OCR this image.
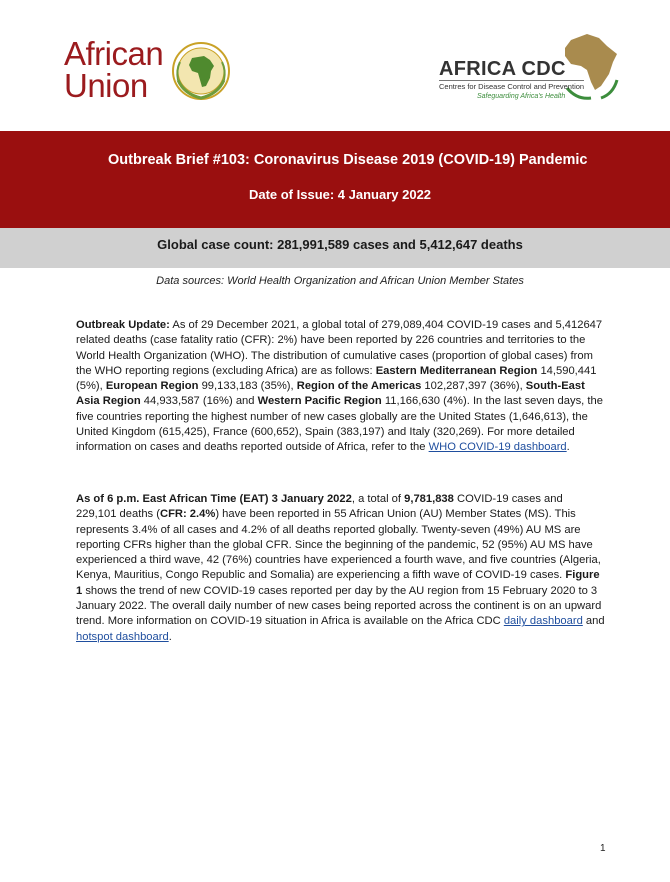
African
Union	AFRICA CDC
Centres for Disease Control and Prevention
Safeguarding Africa's Health
Outbreak Brief #103: Coronavirus Disease 2019 (COVID-19) Pandemic
Date of Issue: 4 January 2022
Global case count: 281,991,589 cases and 5,412,647 deaths
Data sources: World Health Organization and African Union Member States
Outbreak Update: As of 29 December 2021, a global total of 279,089,404 COVID-19 cases and 5,412647 related deaths (case fatality ratio (CFR): 2%) have been reported by 226 countries and territories to the World Health Organization (WHO). The distribution of cumulative cases (proportion of global cases) from the WHO reporting regions (excluding Africa) are as follows: Eastern Mediterranean Region 14,590,441 (5%), European Region 99,133,183 (35%), Region of the Americas 102,287,397 (36%), South-East Asia Region 44,933,587 (16%) and Western Pacific Region 11,166,630 (4%). In the last seven days, the five countries reporting the highest number of new cases globally are the United States (1,646,613), the United Kingdom (615,425), France (600,652), Spain (383,197) and Italy (320,269). For more detailed information on cases and deaths reported outside of Africa, refer to the WHO COVID-19 dashboard.
As of 6 p.m. East African Time (EAT) 3 January 2022, a total of 9,781,838 COVID-19 cases and 229,101 deaths (CFR: 2.4%) have been reported in 55 African Union (AU) Member States (MS). This represents 3.4% of all cases and 4.2% of all deaths reported globally. Twenty-seven (49%) AU MS are reporting CFRs higher than the global CFR. Since the beginning of the pandemic, 52 (95%) AU MS have experienced a third wave, 42 (76%) countries have experienced a fourth wave, and five countries (Algeria, Kenya, Mauritius, Congo Republic and Somalia) are experiencing a fifth wave of COVID-19 cases. Figure 1 shows the trend of new COVID-19 cases reported per day by the AU region from 15 February 2020 to 3 January 2022. The overall daily number of new cases being reported across the continent is on an upward trend. More information on COVID-19 situation in Africa is available on the Africa CDC daily dashboard and hotspot dashboard.
1
